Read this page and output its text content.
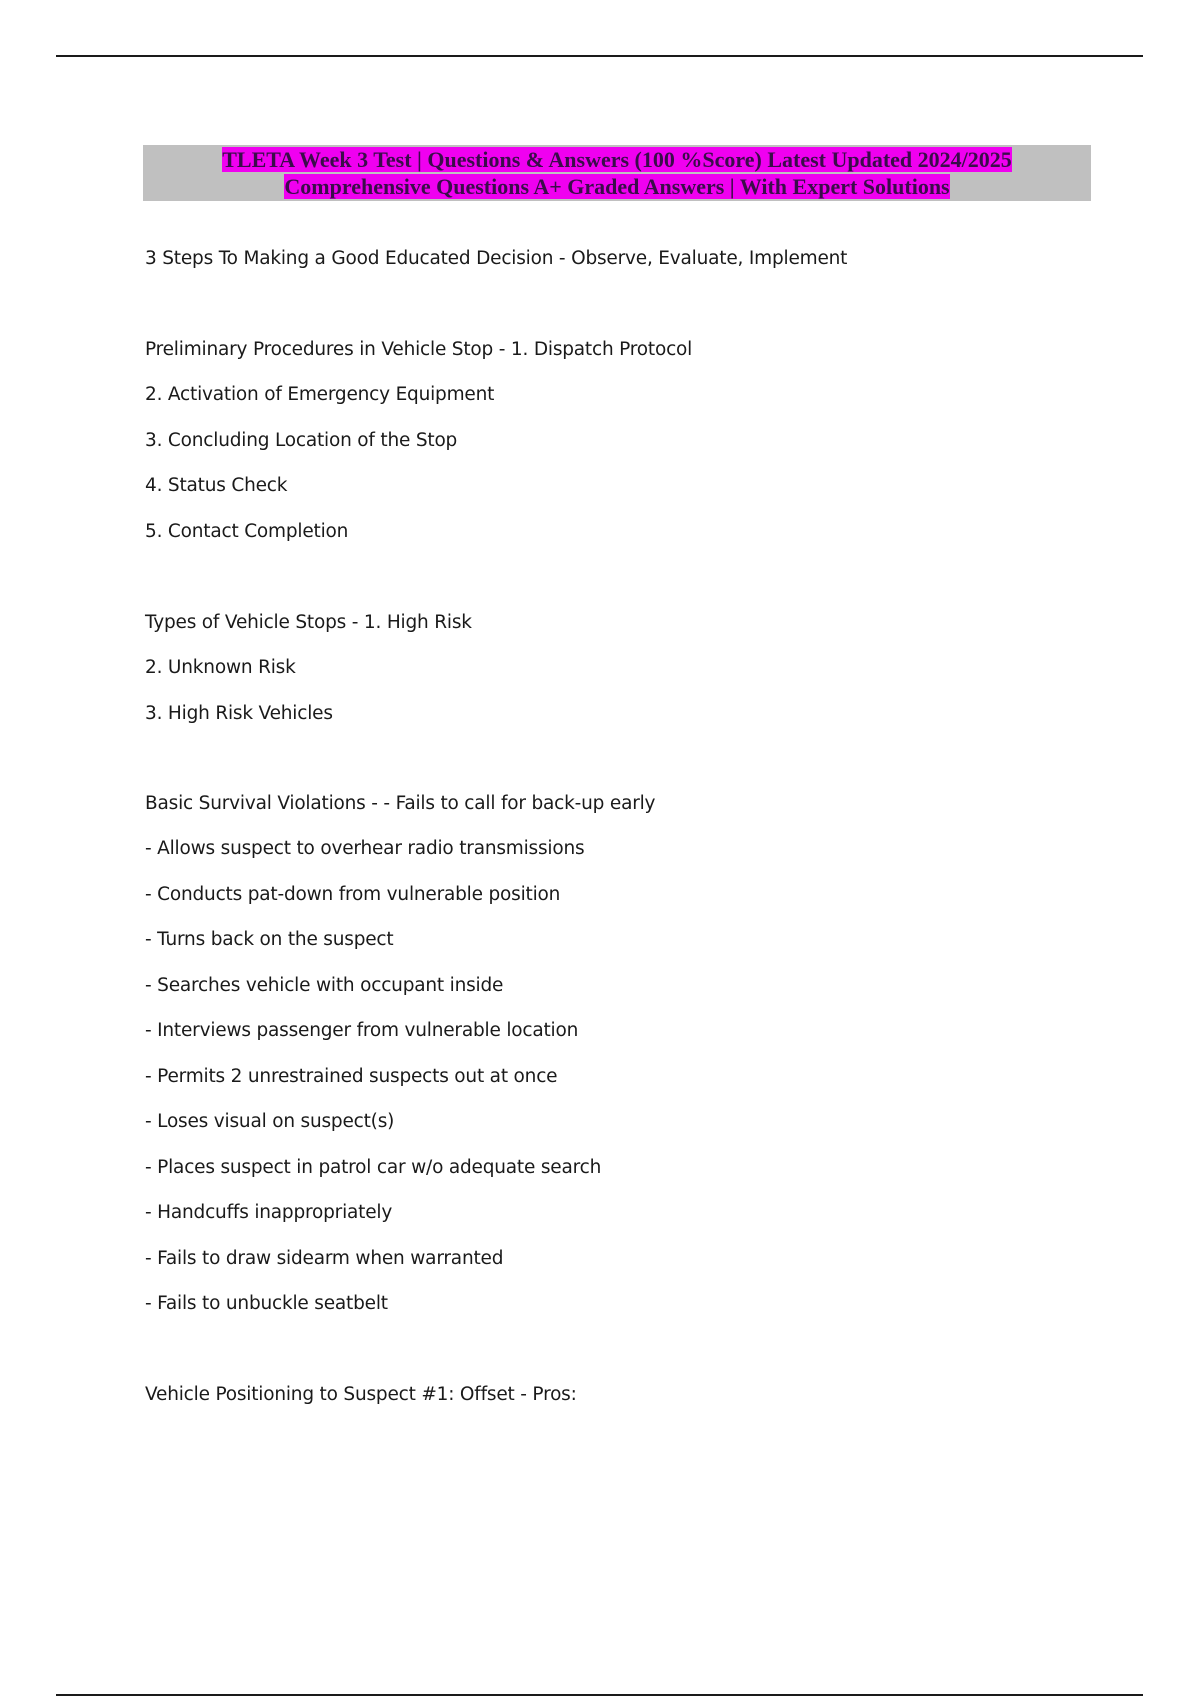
TLETA Week 3 Test | Questions & Answers (100 %Score) Latest Updated 2024/2025
Comprehensive Questions A+ Graded Answers | With Expert Solutions
3 Steps To Making a Good Educated Decision - Observe, Evaluate, Implement
Preliminary Procedures in Vehicle Stop - 1. Dispatch Protocol
2. Activation of Emergency Equipment
3. Concluding Location of the Stop
4. Status Check
5. Contact Completion
Types of Vehicle Stops - 1. High Risk
2. Unknown Risk
3. High Risk Vehicles
Basic Survival Violations - - Fails to call for back-up early
- Allows suspect to overhear radio transmissions
- Conducts pat-down from vulnerable position
- Turns back on the suspect
- Searches vehicle with occupant inside
- Interviews passenger from vulnerable location
- Permits 2 unrestrained suspects out at once
- Loses visual on suspect(s)
- Places suspect in patrol car w/o adequate search
- Handcuffs inappropriately
- Fails to draw sidearm when warranted
- Fails to unbuckle seatbelt
Vehicle Positioning to Suspect #1: Offset - Pros:
